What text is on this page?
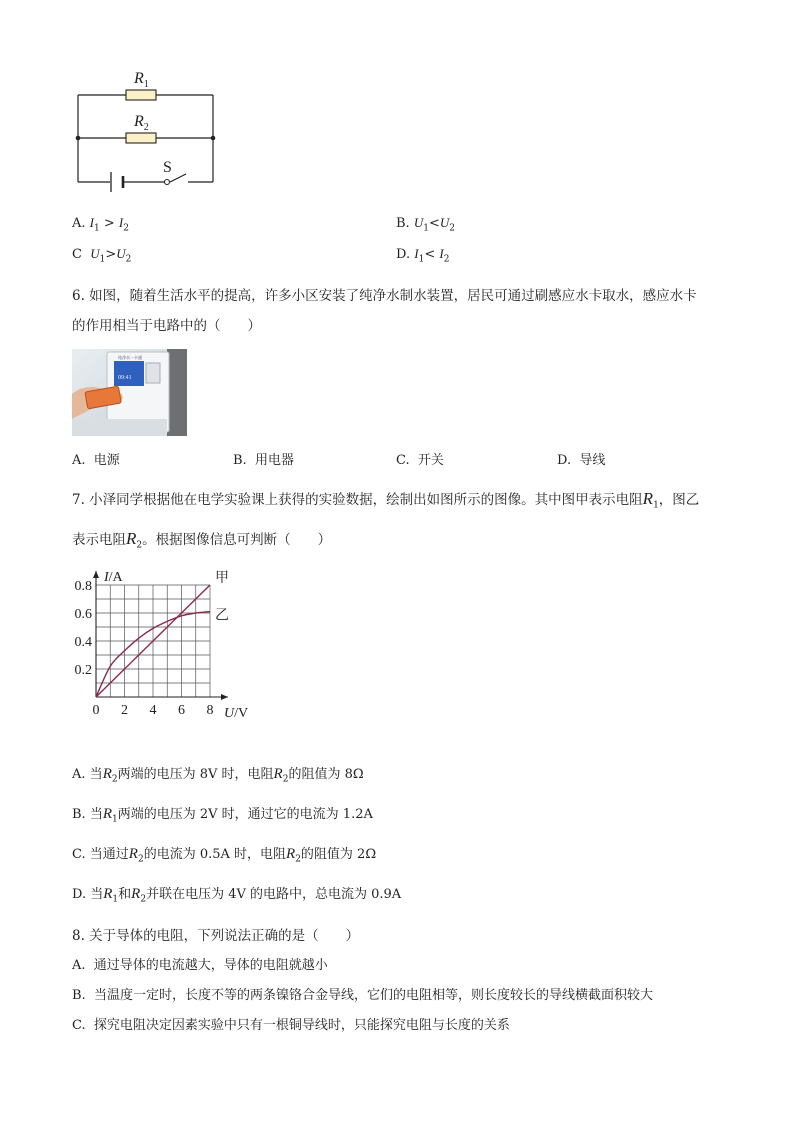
$R_1$
$R_2$
S
A. $I_1 > I_2$	B. $U_1<U_2$
C $U_1>U_2$	D. $I_1< I_2$
6. 如图，随着生活水平的提高，许多小区安装了纯净水制水装置，居民可通过刷感应水卡取水，感应水卡
的作用相当于电路中的（　　）
纯净水一卡通
09:41
A. 电源	B. 用电器	C. 开关	D. 导线
7. 小泽同学根据他在电学实验课上获得的实验数据，绘制出如图所示的图像。其中图甲表示电阻$R_1$，图乙
表示电阻$R_2$。根据图像信息可判断（　　）
0 2 4 6 8
0.2
0.4
0.6
0.8
I/A
U/V
甲
乙
A. 当$R_2$两端的电压为 8V 时，电阻$R_2$的阻值为 8Ω
B. 当$R_1$两端的电压为 2V 时，通过它的电流为 1.2A
C. 当通过$R_2$的电流为 0.5A 时，电阻$R_2$的阻值为 2Ω
D. 当$R_1$和$R_2$并联在电压为 4V 的电路中，总电流为 0.9A
8. 关于导体的电阻，下列说法正确的是（　　）
A. 通过导体的电流越大，导体的电阻就越小
B. 当温度一定时，长度不等的两条镍铬合金导线，它们的电阻相等，则长度较长的导线横截面积较大
C. 探究电阻决定因素实验中只有一根铜导线时，只能探究电阻与长度的关系
